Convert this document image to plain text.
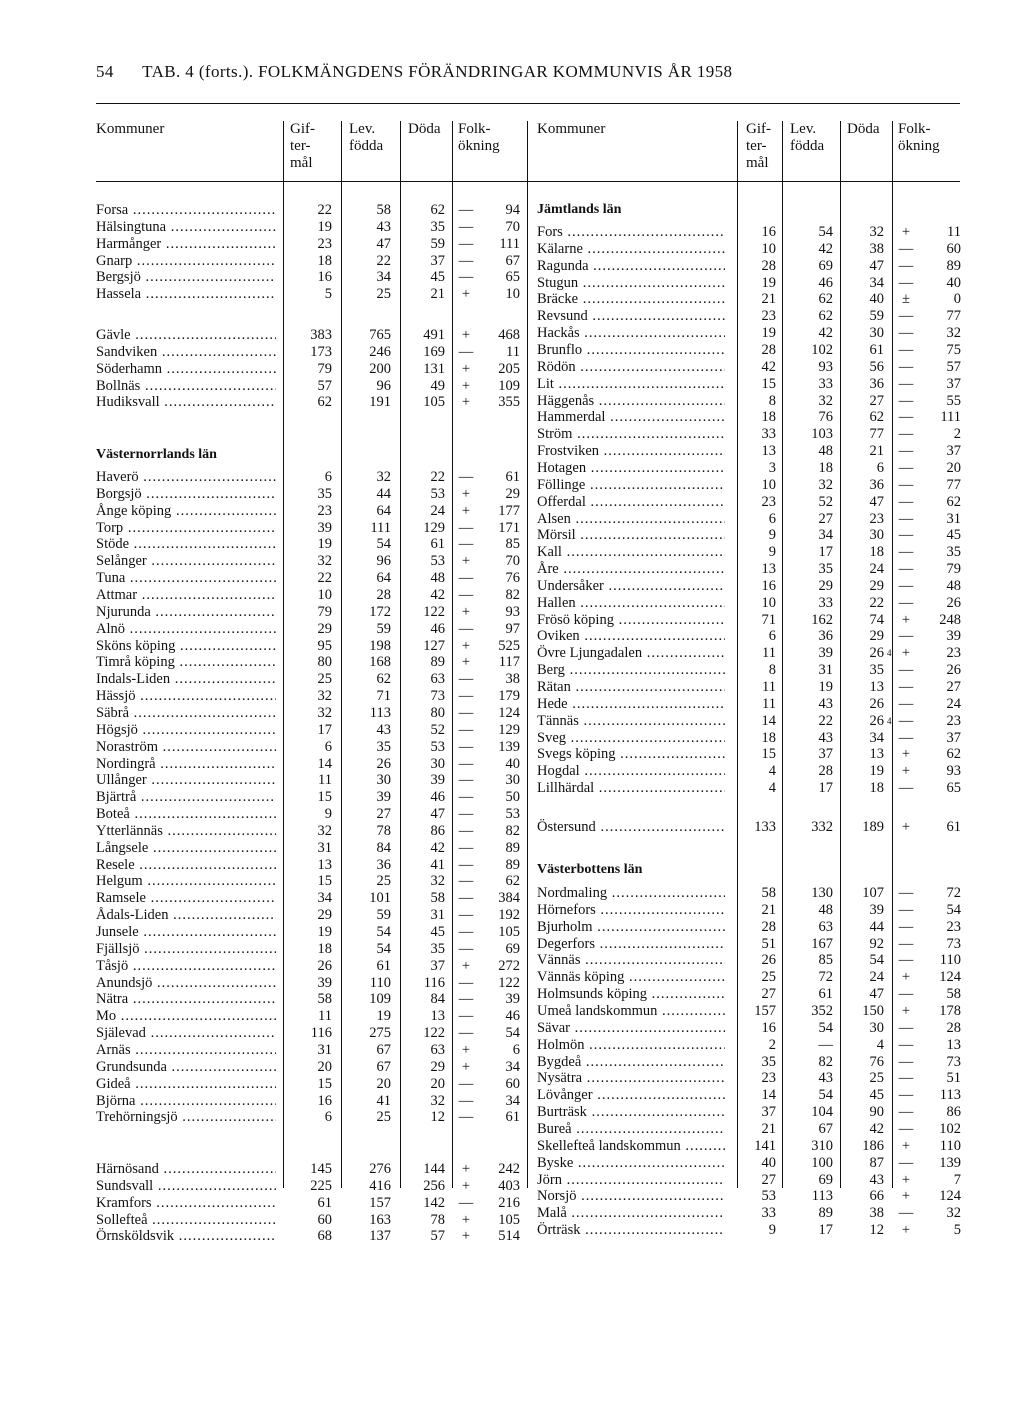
54 TAB. 4 (forts.). FOLKMÄNGDENS FÖRÄNDRINGAR KOMMUNVIS ÅR 1958
Kommuner	Gif-
ter-
mål
Lev.
födda
Döda Folk-
ökning
Kommuner	Gif-
ter-
mål
Lev.
födda
Döda Folk-
ökning
Forsa .....	22	58	62 —	94
Hälsingtuna .....	19	43	35 —	70
Harmånger .....	23	47	59 —	111
Gnarp .....	18	22	37 —	67
Bergsjö .....	16	34	45 —	65
Hassela .....	5	25	21	+	10
Gävle .....	383	765	491	+	468
Sandviken .....	173	246	169 —	11
Söderhamn .....	79	200	131	+	205
Bollnäs .....	57	96	49	+	109
Hudiksvall .....	62	191	105	+	355
Västernorrlands län
Haverö .....	6	32	22 —	61
Borgsjö .....	35	44	53	+	29
Ånge köping .....	23	64	24	+	177
Torp .....	39	111	129 —	171
Stöde .....	19	54	61 —	85
Selånger .....	32	96	53	+	70
Tuna .....	22	64	48 —	76
Attmar .....	10	28	42 —	82
Njurunda .....	79	172	122	+	93
Alnö .....	29	59	46 —	97
Sköns köping .....	95	198	127	+	525
Timrå köping .....	80	168	89	+	117
Indals-Liden .....	25	62	63 —	38
Hässjö .....	32	71	73 —	179
Säbrå .....	32	113	80 —	124
Högsjö .....	17	43	52 —	129
Noraström .....	6	35	53 —	139
Nordingrå .....	14	26	30 —	40
Ullånger .....	11	30	39 —	30
Bjärtrå .....	15	39	46 —	50
Boteå .....	9	27	47 —	53
Ytterlännäs .....	32	78	86 —	82
Långsele .....	31	84	42 —	89
Resele .....	13	36	41 —	89
Helgum .....	15	25	32 —	62
Ramsele .....	34	101	58 —	384
Ådals-Liden .....	29	59	31 —	192
Junsele .....	19	54	45 —	105
Fjällsjö .....	18	54	35 —	69
Tåsjö .....	26	61	37	+	272
Anundsjö .....	39	110	116 —	122
Nätra .....	58	109	84 —	39
Mo .....	11	19	13 —	46
Själevad .....	116	275	122 —	54
Arnäs .....	31	67	63	+	6
Grundsunda .....	20	67	29	+	34
Gideå .....	15	20	20 —	60
Björna .....	16	41	32 —	34
Trehörningsjö .....	6	25	12 —	61
Härnösand .....	145	276	144	+	242
Sundsvall .....	225	416	256	+	403
Kramfors .....	61	157	142 —	216
Sollefteå .....	60	163	78	+	105
Örnsköldsvik .....	68	137	57	+	514
Jämtlands län
Fors .....	16	54	32	+	11
Kälarne .....	10	42	38	—	60
Ragunda .....	28	69	47	—	89
Stugun .....	19	46	34	—	40
Bräcke .....	21	62	40	±	0
Revsund .....	23	62	59	—	77
Hackås .....	19	42	30	—	32
Brunflo .....	28	102	61	—	75
Rödön .....	42	93	56	—	57
Lit .....	15	33	36	—	37
Häggenås .....	8	32	27	—	55
Hammerdal .....	18	76	62	—	111
Ström .....	33	103	77	—	2
Frostviken .....	13	48	21	—	37
Hotagen .....	3	18	6	—	20
Föllinge .....	10	32	36	—	77
Offerdal .....	23	52	47	—	62
Alsen .....	6	27	23	—	31
Mörsil .....	9	34	30	—	45
Kall .....	9	17	18	—	35
Åre .....	13	35	24	—	79
Undersåker .....	16	29	29	—	48
Hallen .....	10	33	22	—	26
Frösö köping .....	71	162	74	+	248
Oviken .....	6	36	29	—	39
Övre Ljungadalen .....	11	39	26 4 +	23
Berg .....	8	31	35	—	26
Rätan .....	11	19	13	—	27
Hede .....	11	43	26	—	24
Tännäs .....	14	22	26 4 —	23
Sveg .....	18	43	34	—	37
Svegs köping .....	15	37	13	+	62
Hogdal .....	4	28	19	+	93
Lillhärdal .....	4	17	18	—	65
Östersund .....	133	332	189	+	61
Västerbottens län
Nordmaling .....	58	130	107	—	72
Hörnefors .....	21	48	39	—	54
Bjurholm .....	28	63	44	—	23
Degerfors .....	51	167	92	—	73
Vännäs .....	26	85	54	—	110
Vännäs köping .....	25	72	24	+	124
Holmsunds köping .....	27	61	47	—	58
Umeå landskommun .....	157	352	150	+	178
Sävar .....	16	54	30	—	28
Holmön .....	2	—	4	—	13
Bygdeå .....	35	82	76	—	73
Nysätra .....	23	43	25	—	51
Lövånger .....	14	54	45	—	113
Burträsk .....	37	104	90	—	86
Bureå .....	21	67	42	—	102
Skellefteå landskommun .....	141	310	186	+	110
Byske .....	40	100	87	—	139
Jörn .....	27	69	43	+	7
Norsjö .....	53	113	66	+	124
Malå .....	33	89	38	—	32
Örträsk .....	9	17	12	+	5
